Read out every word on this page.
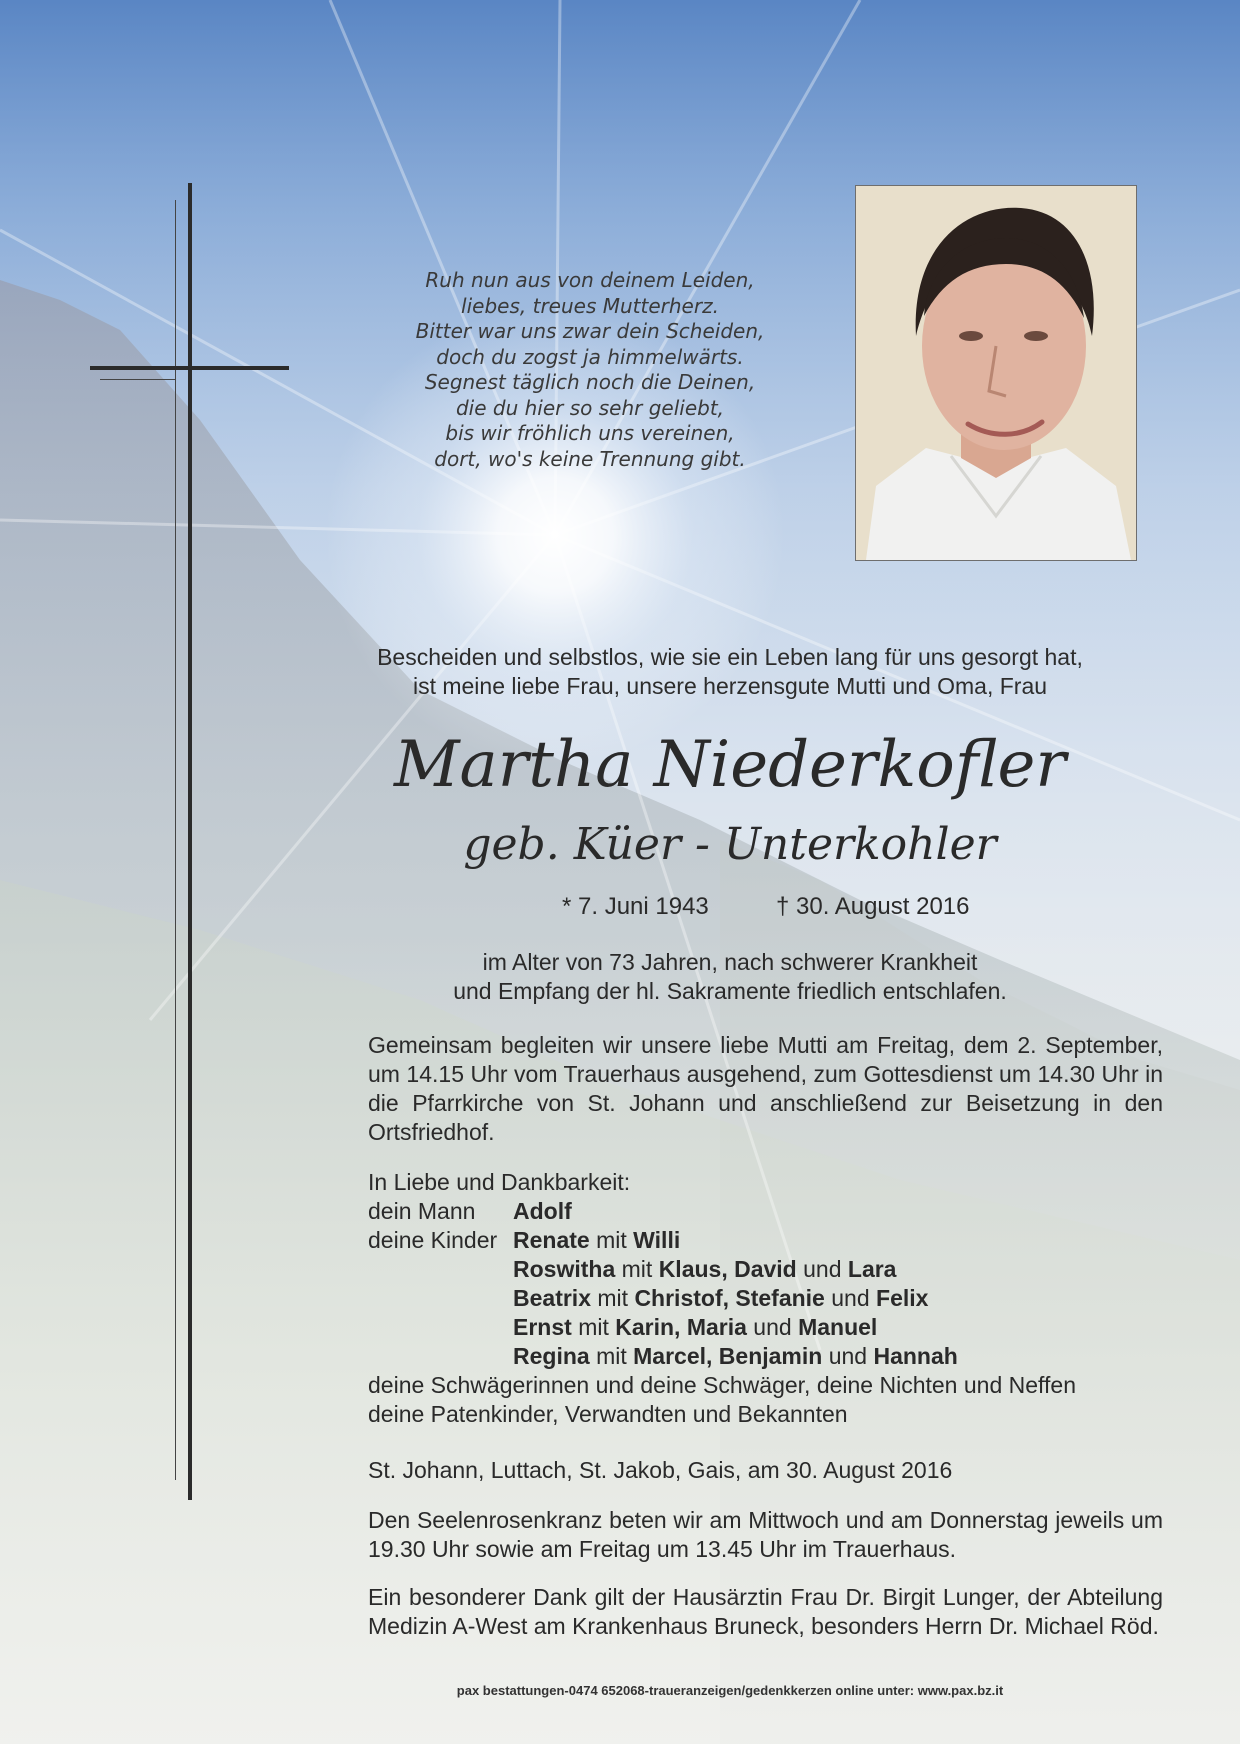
Ruh nun aus von deinem Leiden,
liebes, treues Mutterherz.
Bitter war uns zwar dein Scheiden,
doch du zogst ja himmelwärts.
Segnest täglich noch die Deinen,
die du hier so sehr geliebt,
bis wir fröhlich uns vereinen,
dort, wo's keine Trennung gibt.
Bescheiden und selbstlos, wie sie ein Leben lang für uns gesorgt hat,
ist meine liebe Frau, unsere herzensgute Mutti und Oma, Frau
Martha Niederkofler
geb. Küer - Unterkohler
* 7. Juni 1943	† 30. August 2016
im Alter von 73 Jahren, nach schwerer Krankheit
und Empfang der hl. Sakramente friedlich entschlafen.
Gemeinsam begleiten wir unsere liebe Mutti am Freitag, dem 2. September, um 14.15 Uhr vom Trauerhaus ausgehend, zum Gottesdienst um 14.30 Uhr in die Pfarrkirche von St. Johann und anschließend zur Beisetzung in den Ortsfriedhof.
In Liebe und Dankbarkeit:
dein Mann Adolf
deine Kinder Renate mit Willi
Roswitha mit Klaus, David und Lara
Beatrix mit Christof, Stefanie und Felix
Ernst mit Karin, Maria und Manuel
Regina mit Marcel, Benjamin und Hannah
deine Schwägerinnen und deine Schwäger, deine Nichten und Neffen
deine Patenkinder, Verwandten und Bekannten
St. Johann, Luttach, St. Jakob, Gais, am 30. August 2016
Den Seelenrosenkranz beten wir am Mittwoch und am Donnerstag jeweils um 19.30 Uhr sowie am Freitag um 13.45 Uhr im Trauerhaus.
Ein besonderer Dank gilt der Hausärztin Frau Dr. Birgit Lunger, der Abteilung Medizin A-West am Krankenhaus Bruneck, besonders Herrn Dr. Michael Röd.
pax bestattungen-0474 652068-traueranzeigen/gedenkkerzen online unter: www.pax.bz.it
